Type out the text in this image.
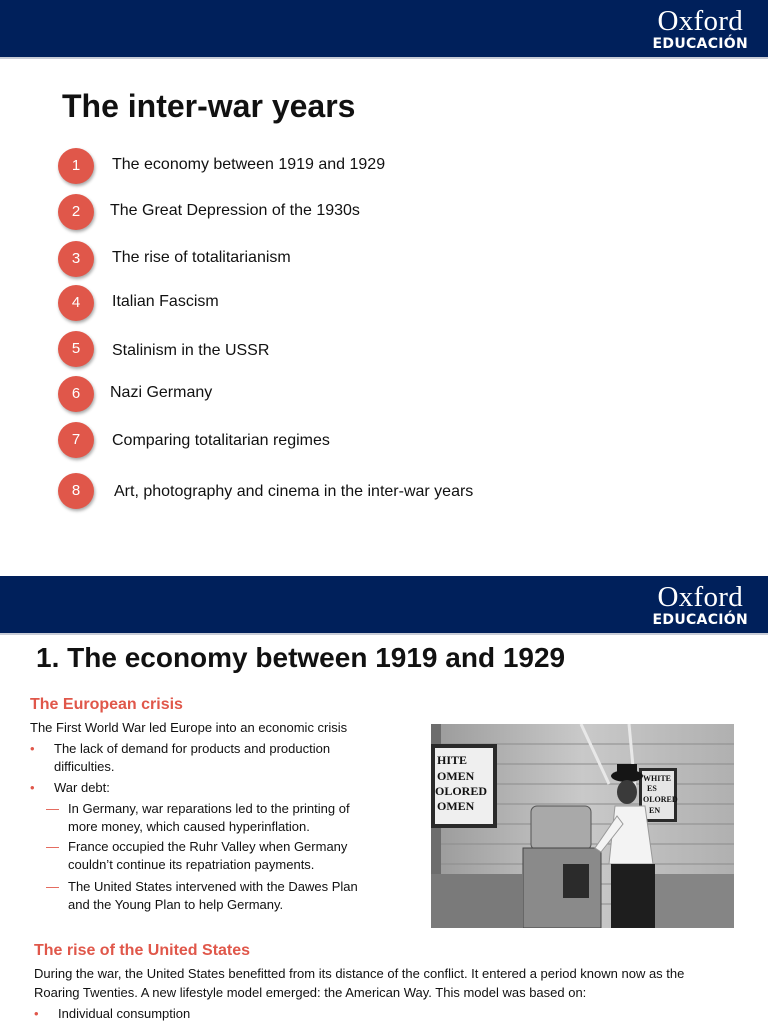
Oxford
EDUCACIÓN
The inter-war years
1	The economy between 1919 and 1929
2	The Great Depression of the 1930s
3	The rise of totalitarianism
4	Italian Fascism
5	Stalinism in the USSR
6	Nazi Germany
7	Comparing totalitarian regimes
8	Art, photography and cinema in the inter-war years
Oxford
EDUCACIÓN
1. The economy between 1919 and 1929
The European crisis

The First World War led Europe into an economic crisis

• The lack of demand for products and production
difficulties.
• War debt:
— In Germany, war reparations led to the printing of
more money, which caused hyperinflation.
— France occupied the Ruhr Valley when Germany
couldn’t continue its repatriation payments.
— The United States intervened with the Dawes Plan
and the Young Plan to help Germany.
HITE
OMEN
OLORED
OMEN
WHITE
ES
OLORED
EN
The rise of the United States
During the war, the United States benefitted from its distance of the conflict. It entered a period known now as the
Roaring Twenties. A new lifestyle model emerged: the American Way. This model was based on:
• Individual consumption
